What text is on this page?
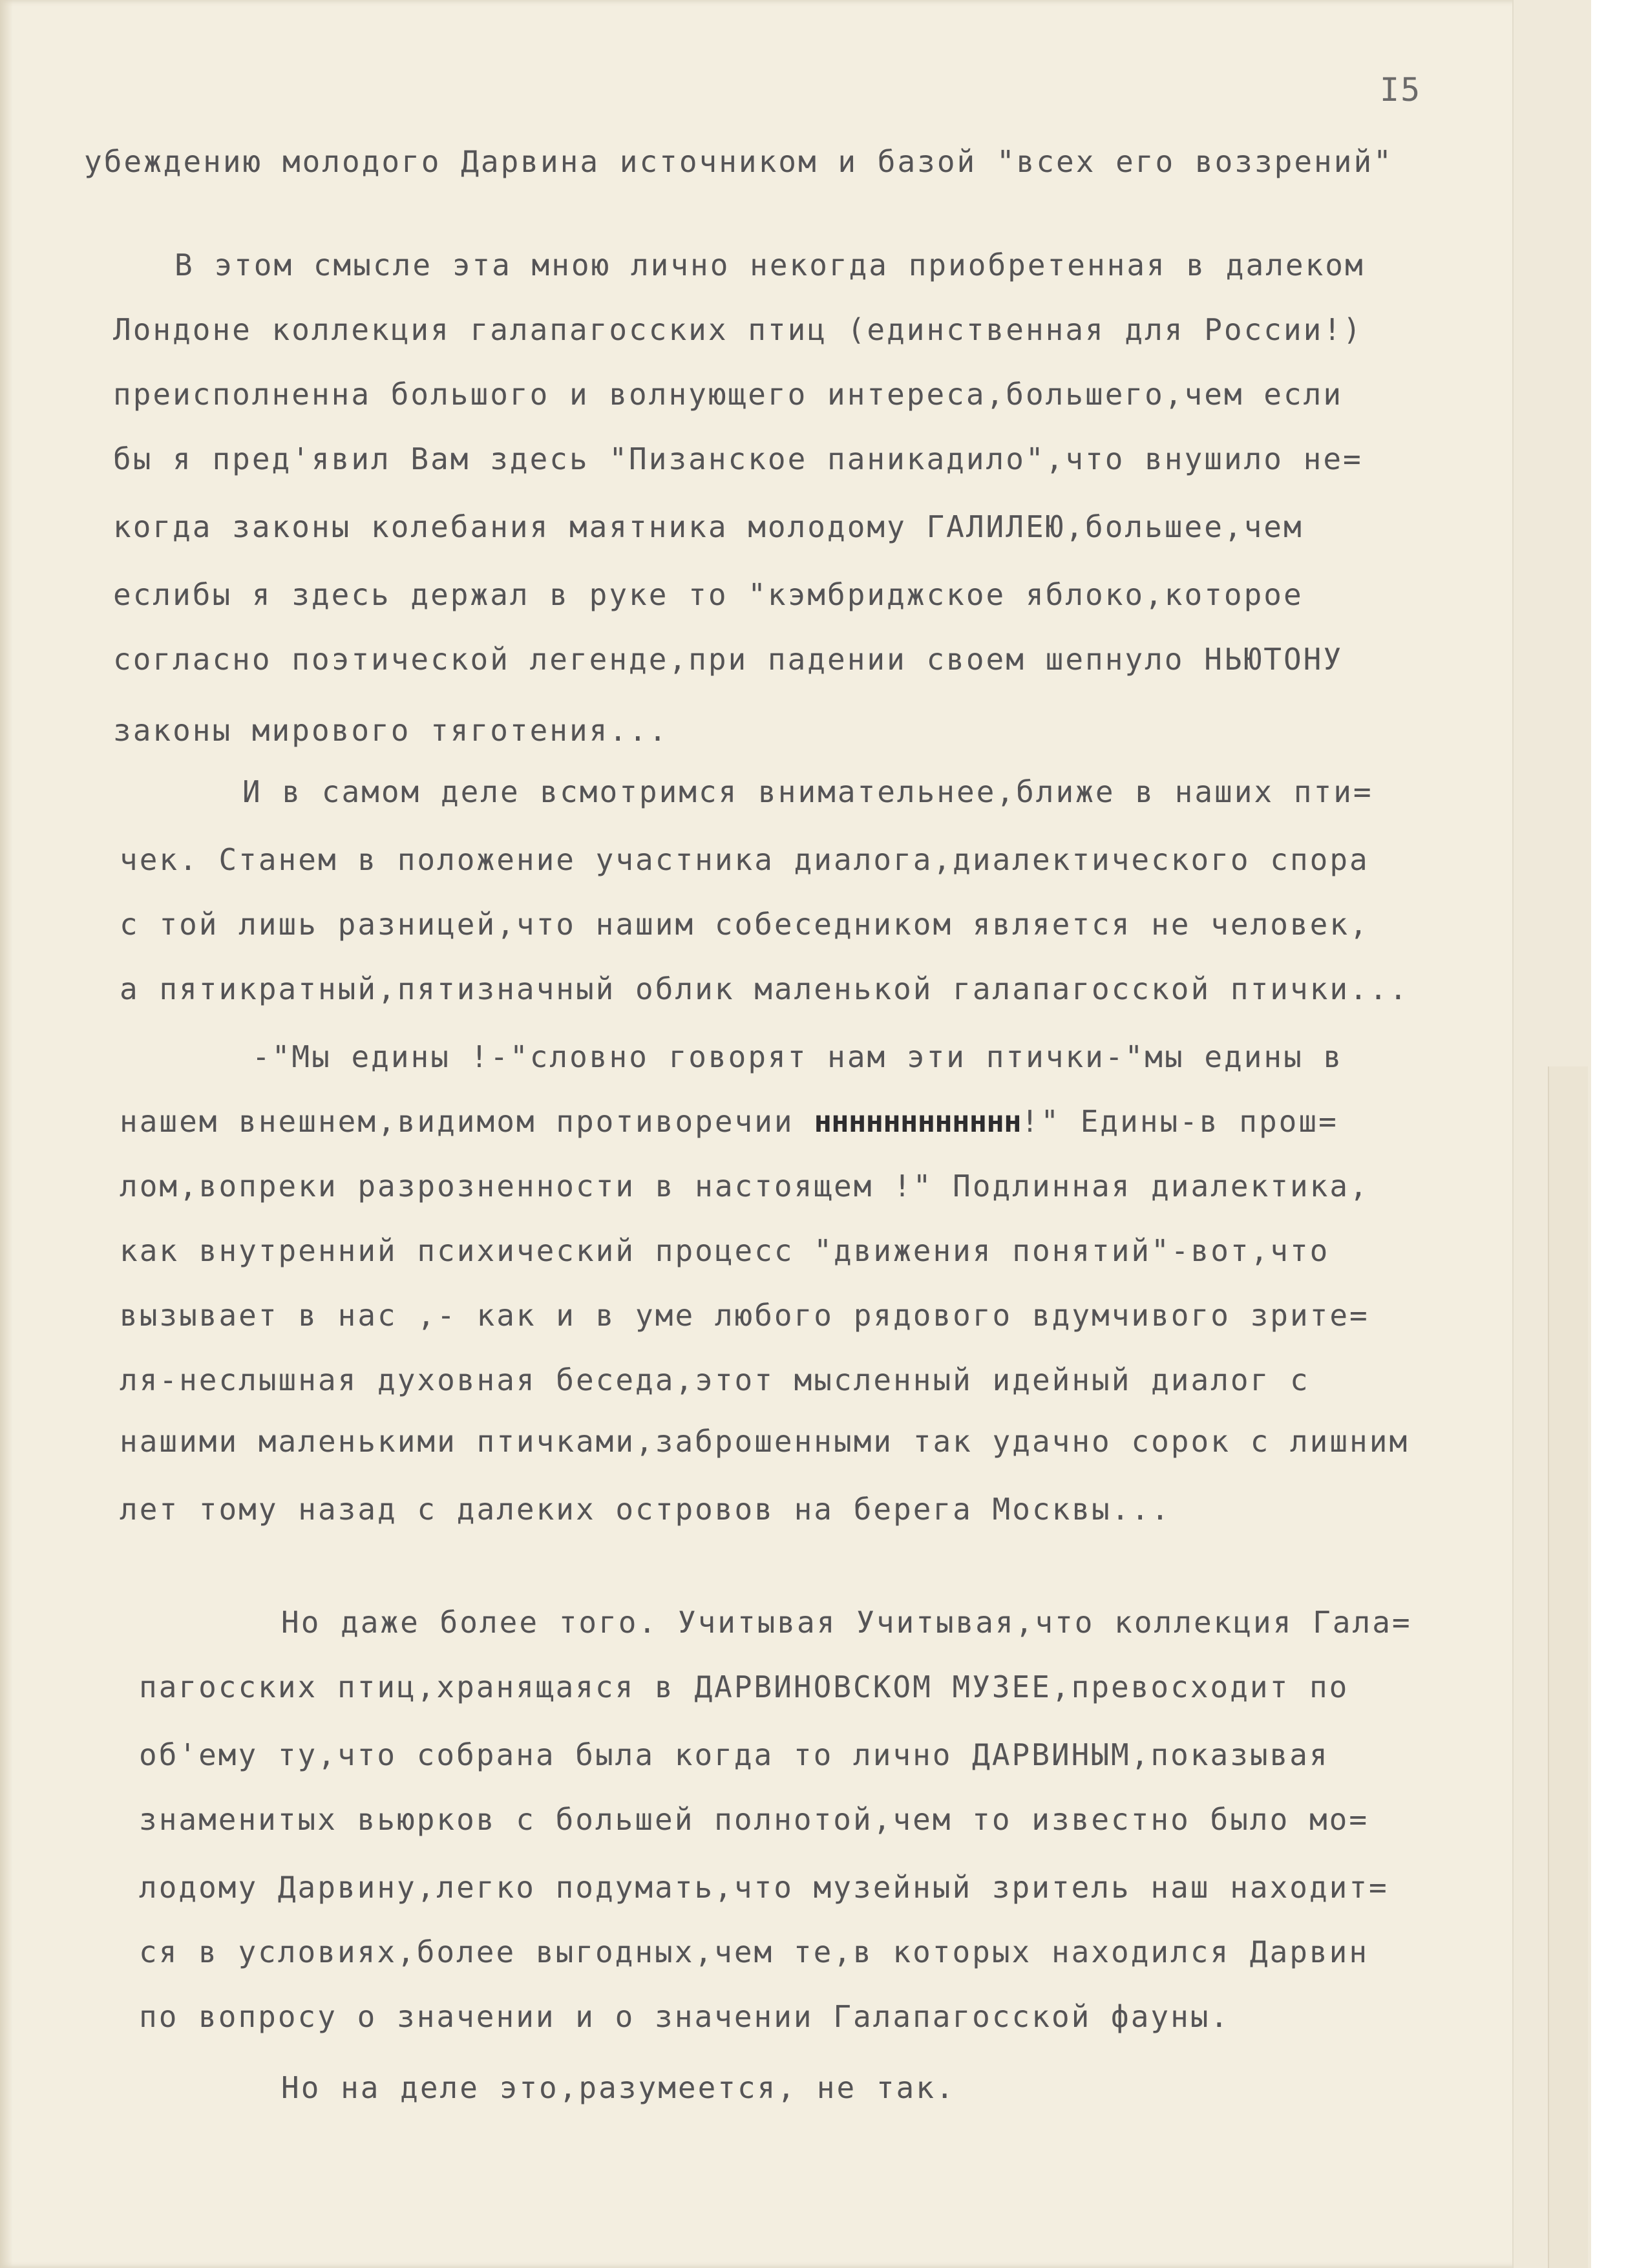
I5
убеждению молодого Дарвина источником и базой "всех его воззрений"
В этом смысле эта мною лично некогда приобретенная в далеком
Лондоне коллекция галапагосских птиц (единственная для России!)
преисполненна большого и волнующего интереса,большего,чем если
бы я пред'явил Вам здесь "Пизанское паникадило",что внушило не=
когда законы колебания маятника молодому ГАЛИЛЕЮ,большее,чем
еслибы я здесь держал в руке то "кэмбриджское яблоко,которое
согласно поэтической легенде,при падении своем шепнуло НЬЮТОНУ
законы мирового тяготения...
И в самом деле всмотримся внимательнее,ближе в наших пти=
чек. Станем в положение участника диалога,диалектического спора
с той лишь разницей,что нашим собеседником является не человек,
а пятикратный,пятизначный облик маленькой галапагосской птички...
-"Мы едины !-"словно говорят нам эти птички-"мы едины в
нашем внешнем,видимом противоречии нннннннннннн!" Едины-в прош=
лом,вопреки разрозненности в настоящем !" Подлинная диалектика,
как внутренний психический процесс "движения понятий"-вот,что
вызывает в нас ,- как и в уме любого рядового вдумчивого зрите=
ля-неслышная духовная беседа,этот мысленный идейный диалог с
нашими маленькими птичками,заброшенными так удачно сорок с лишним
лет тому назад с далеких островов на берега Москвы...
Но даже более того. Учитывая Учитывая,что коллекция Гала=
пагосских птиц,хранящаяся в ДАРВИНОВСКОМ МУЗЕЕ,превосходит по
об'ему ту,что собрана была когда то лично ДАРВИНЫМ,показывая
знаменитых вьюрков с большей полнотой,чем то известно было мо=
лодому Дарвину,легко подумать,что музейный зритель наш находит=
ся в условиях,более выгодных,чем те,в которых находился Дарвин
по вопросу о значении и о значении Галапагосской фауны.
Но на деле это,разумеется, не так.
